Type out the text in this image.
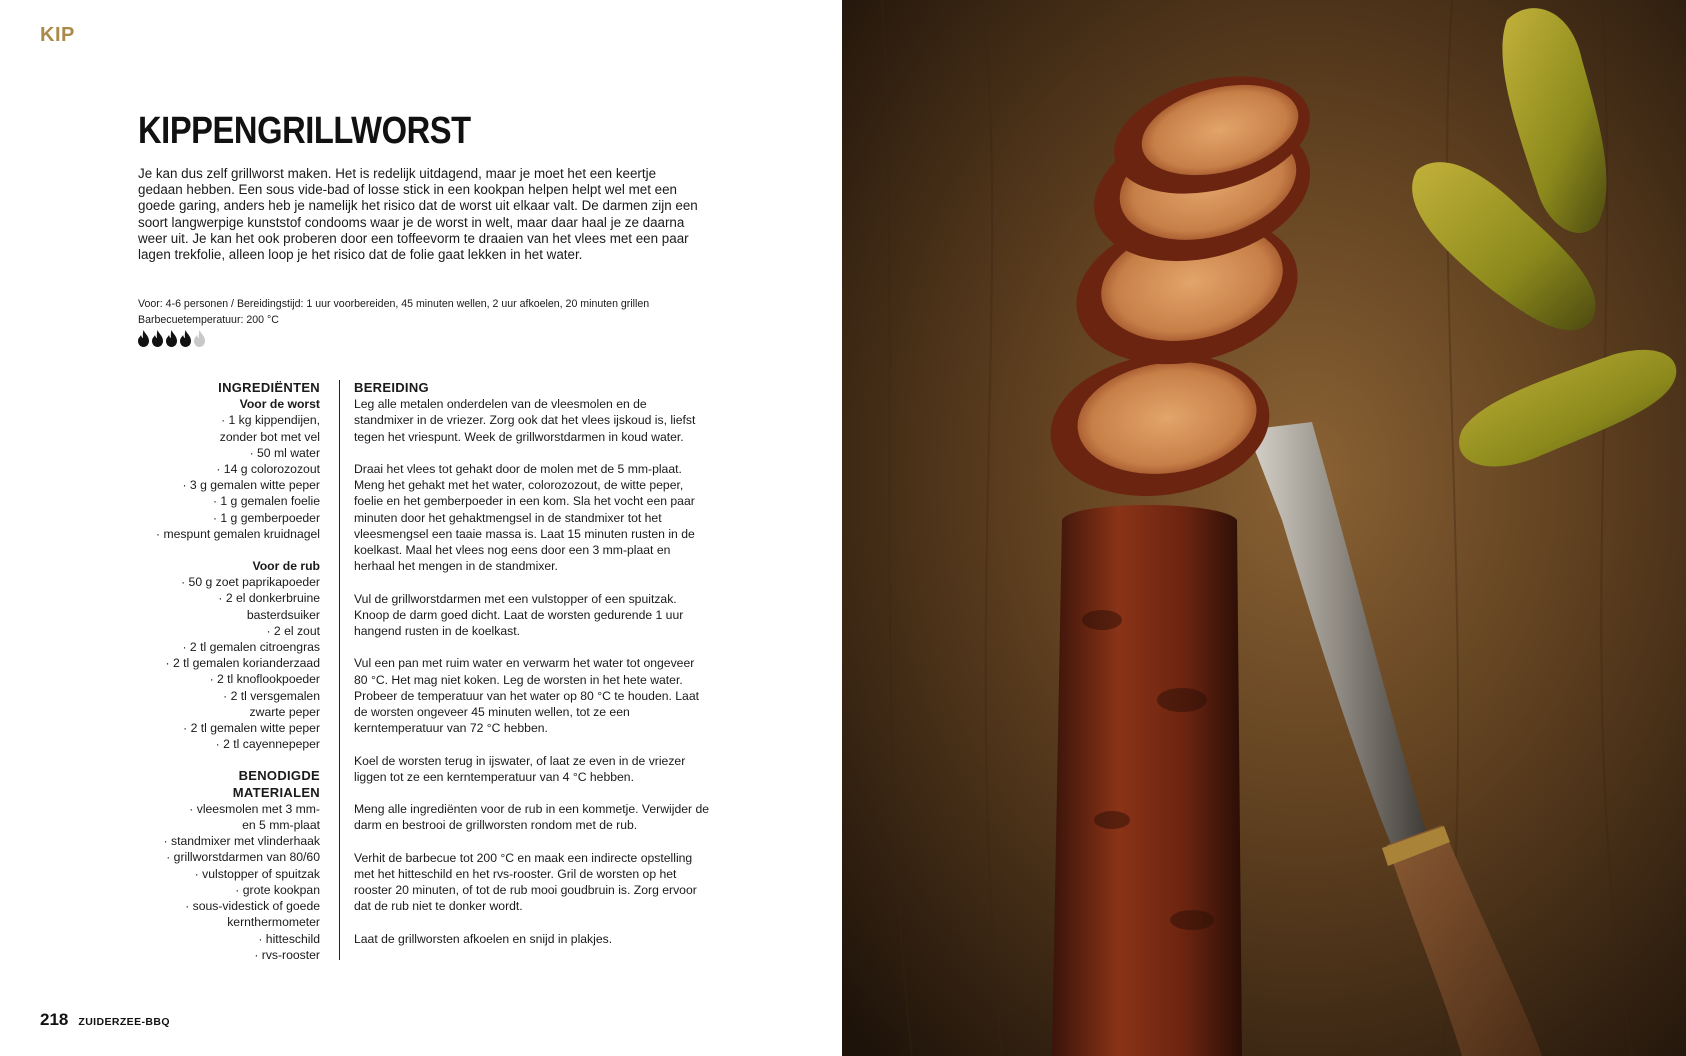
KIP
KIPPENGRILLWORST
Je kan dus zelf grillworst maken. Het is redelijk uitdagend, maar je moet het een keertje gedaan hebben. Een sous vide-bad of losse stick in een kookpan helpen helpt wel met een goede garing, anders heb je namelijk het risico dat de worst uit elkaar valt. De darmen zijn een soort langwerpige kunststof condooms waar je de worst in welt, maar daar haal je ze daarna weer uit. Je kan het ook proberen door een toffeevorm te draaien van het vlees met een paar lagen trekfolie, alleen loop je het risico dat de folie gaat lekken in het water.
Voor: 4-6 personen / Bereidingstijd: 1 uur voorbereiden, 45 minuten wellen, 2 uur afkoelen, 20 minuten grillen
Barbecuetemperatuur: 200 °C
INGREDIËNTEN
Voor de worst
· 1 kg kippendijen,
zonder bot met vel
· 50 ml water
· 14 g colorozozout
· 3 g gemalen witte peper
· 1 g gemalen foelie
· 1 g gemberpoeder
· mespunt gemalen kruidnagel
Voor de rub
· 50 g zoet paprikapoeder
· 2 el donkerbruine
basterdsuiker
· 2 el zout
· 2 tl gemalen citroengras
· 2 tl gemalen korianderzaad
· 2 tl knoflookpoeder
· 2 tl versgemalen
zwarte peper
· 2 tl gemalen witte peper
· 2 tl cayennepeper
BENODIGDE
MATERIALEN
· vleesmolen met 3 mm-
en 5 mm-plaat
· standmixer met vlinderhaak
· grillworstdarmen van 80/60
· vulstopper of spuitzak
· grote kookpan
· sous-videstick of goede
kernthermometer
· hitteschild
· rvs-rooster
BEREIDING

Leg alle metalen onderdelen van de vleesmolen en de standmixer in de vriezer. Zorg ook dat het vlees ijskoud is, liefst tegen het vriespunt. Week de grillworstdarmen in koud water.

Draai het vlees tot gehakt door de molen met de 5 mm-plaat. Meng het gehakt met het water, colorozozout, de witte peper, foelie en het gemberpoeder in een kom. Sla het vocht een paar minuten door het gehaktmengsel in de standmixer tot het vleesmengsel een taaie massa is. Laat 15 minuten rusten in de koelkast. Maal het vlees nog eens door een 3 mm-plaat en herhaal het mengen in de standmixer.

Vul de grillworstdarmen met een vulstopper of een spuitzak. Knoop de darm goed dicht. Laat de worsten gedurende 1 uur hangend rusten in de koelkast.

Vul een pan met ruim water en verwarm het water tot ongeveer 80 °C. Het mag niet koken. Leg de worsten in het hete water. Probeer de temperatuur van het water op 80 °C te houden. Laat de worsten ongeveer 45 minuten wellen, tot ze een kerntemperatuur van 72 °C hebben.

Koel de worsten terug in ijswater, of laat ze even in de vriezer liggen tot ze een kerntemperatuur van 4 °C hebben.

Meng alle ingrediënten voor de rub in een kommetje. Verwijder de darm en bestrooi de grillworsten rondom met de rub.

Verhit de barbecue tot 200 °C en maak een indirecte opstelling met het hitteschild en het rvs-rooster. Gril de worsten op het rooster 20 minuten, of tot de rub mooi goudbruin is. Zorg ervoor dat de rub niet te donker wordt.

Laat de grillworsten afkoelen en snijd in plakjes.

218 ZUIDERZEE-BBQ
